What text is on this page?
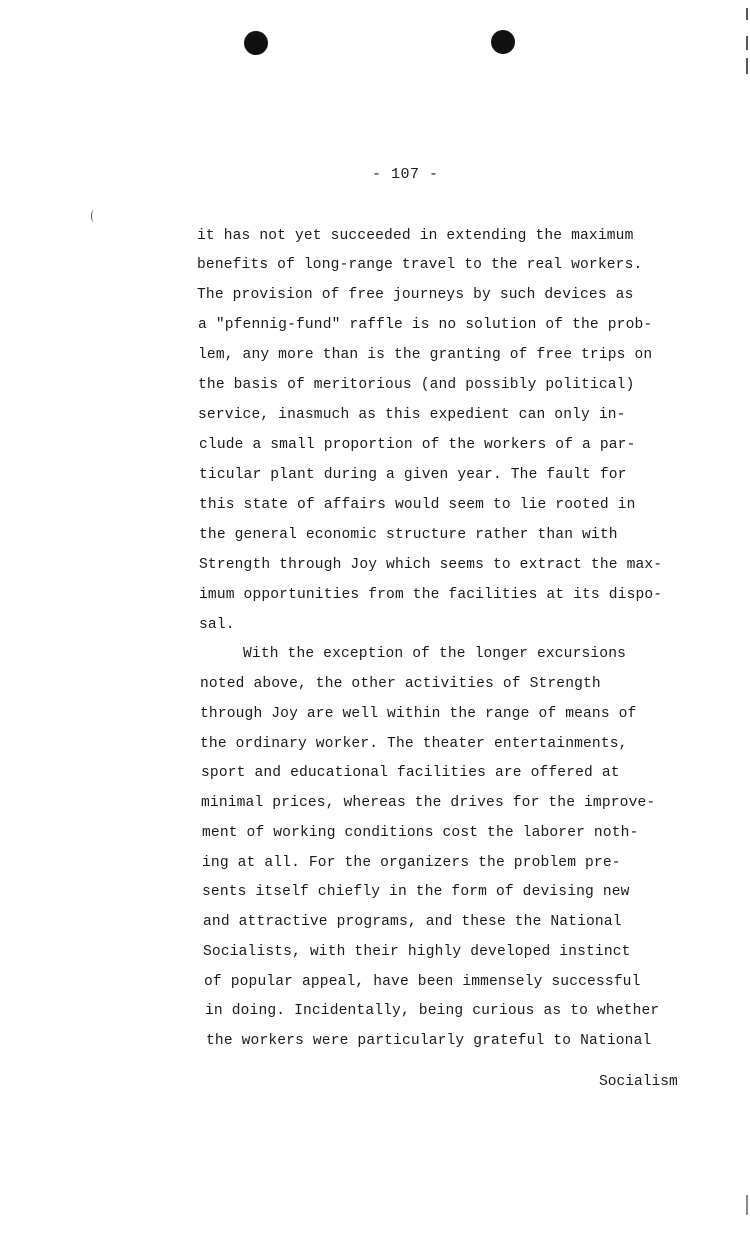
- 107 -
it has not yet succeeded in extending the maximum
benefits of long-range travel to the real workers.
The provision of free journeys by such devices as
a "pfennig-fund" raffle is no solution of the prob-
lem, any more than is the granting of free trips on
the basis of meritorious (and possibly political)
service, inasmuch as this expedient can only in-
clude a small proportion of the workers of a par-
ticular plant during a given year. The fault for
this state of affairs would seem to lie rooted in
the general economic structure rather than with
Strength through Joy which seems to extract the max-
imum opportunities from the facilities at its dispo-
sal.
With the exception of the longer excursions
noted above, the other activities of Strength
through Joy are well within the range of means of
the ordinary worker. The theater entertainments,
sport and educational facilities are offered at
minimal prices, whereas the drives for the improve-
ment of working conditions cost the laborer noth-
ing at all. For the organizers the problem pre-
sents itself chiefly in the form of devising new
and attractive programs, and these the National
Socialists, with their highly developed instinct
of popular appeal, have been immensely successful
in doing. Incidentally, being curious as to whether
the workers were particularly grateful to National
Socialism
